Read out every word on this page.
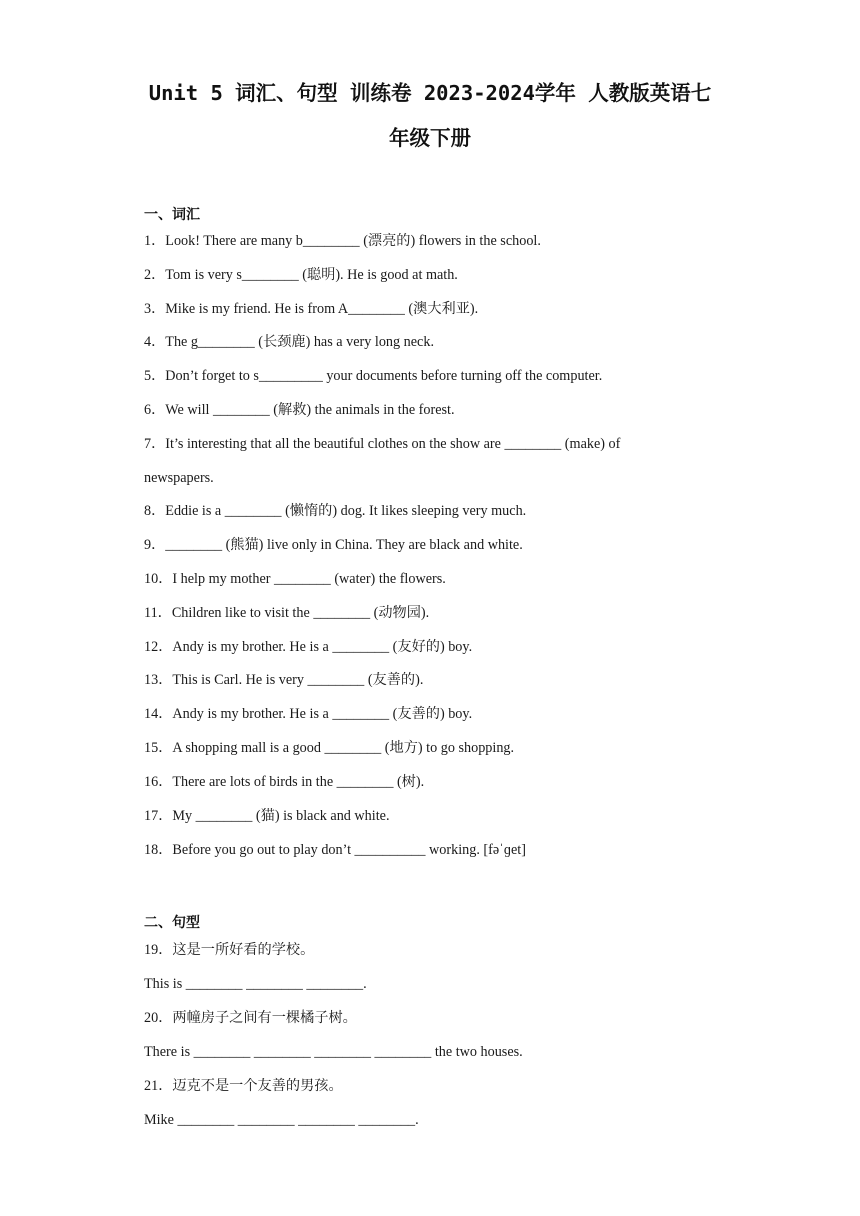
Unit 5 词汇、句型 训练卷 2023-2024学年 人教版英语七
年级下册
一、词汇
1．Look! There are many b________ (漂亮的) flowers in the school.
2．Tom is very s________ (聪明). He is good at math.
3．Mike is my friend. He is from A________ (澳大利亚).
4．The g________ (长颈鹿) has a very long neck.
5．Don’t forget to s_________ your documents before turning off the computer.
6．We will ________ (解救) the animals in the forest.
7．It’s interesting that all the beautiful clothes on the show are ________ (make) of
newspapers.
8．Eddie is a ________ (懒惰的) dog. It likes sleeping very much.
9．________ (熊猫) live only in China. They are black and white.
10．I help my mother ________ (water) the flowers.
11．Children like to visit the ________ (动物园).
12．Andy is my brother. He is a ________ (友好的) boy.
13．This is Carl. He is very ________ (友善的).
14．Andy is my brother. He is a ________ (友善的) boy.
15．A shopping mall is a good ________ (地方) to go shopping.
16．There are lots of birds in the ________ (树).
17．My ________ (猫) is black and white.
18．Before you go out to play don’t __________ working. [fəˈɡet]
二、句型
19．这是一所好看的学校。
This is ________ ________ ________.
20．两幢房子之间有一棵橘子树。
There is ________ ________ ________ ________ the two houses.
21．迈克不是一个友善的男孩。
Mike ________ ________ ________ ________.
